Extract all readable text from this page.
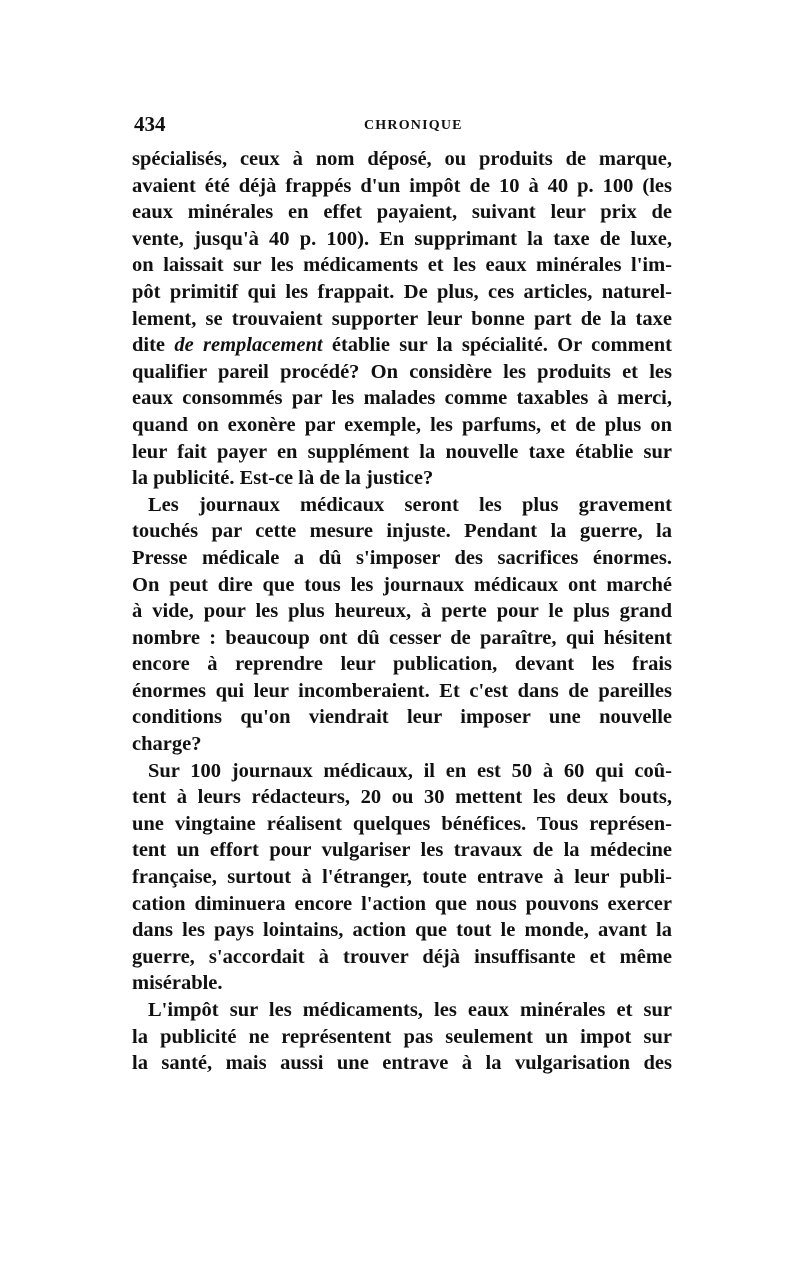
434	CHRONIQUE
spécialisés, ceux à nom déposé, ou produits de marque,
avaient été déjà frappés d'un impôt de 10 à 40 p. 100 (les
eaux minérales en effet payaient, suivant leur prix de
vente, jusqu'à 40 p. 100). En supprimant la taxe de luxe,
on laissait sur les médicaments et les eaux minérales l'im-
pôt primitif qui les frappait. De plus, ces articles, naturel-
lement, se trouvaient supporter leur bonne part de la taxe
dite de remplacement établie sur la spécialité. Or comment
qualifier pareil procédé? On considère les produits et les
eaux consommés par les malades comme taxables à merci,
quand on exonère par exemple, les parfums, et de plus on
leur fait payer en supplément la nouvelle taxe établie sur
la publicité. Est-ce là de la justice?
Les journaux médicaux seront les plus gravement
touchés par cette mesure injuste. Pendant la guerre, la
Presse médicale a dû s'imposer des sacrifices énormes.
On peut dire que tous les journaux médicaux ont marché
à vide, pour les plus heureux, à perte pour le plus grand
nombre : beaucoup ont dû cesser de paraître, qui hésitent
encore à reprendre leur publication, devant les frais
énormes qui leur incomberaient. Et c'est dans de pareilles
conditions qu'on viendrait leur imposer une nouvelle
charge?
Sur 100 journaux médicaux, il en est 50 à 60 qui coû-
tent à leurs rédacteurs, 20 ou 30 mettent les deux bouts,
une vingtaine réalisent quelques bénéfices. Tous représen-
tent un effort pour vulgariser les travaux de la médecine
française, surtout à l'étranger, toute entrave à leur publi-
cation diminuera encore l'action que nous pouvons exercer
dans les pays lointains, action que tout le monde, avant la
guerre, s'accordait à trouver déjà insuffisante et même
misérable.
L'impôt sur les médicaments, les eaux minérales et sur
la publicité ne représentent pas seulement un impot sur
la santé, mais aussi une entrave à la vulgarisation des
